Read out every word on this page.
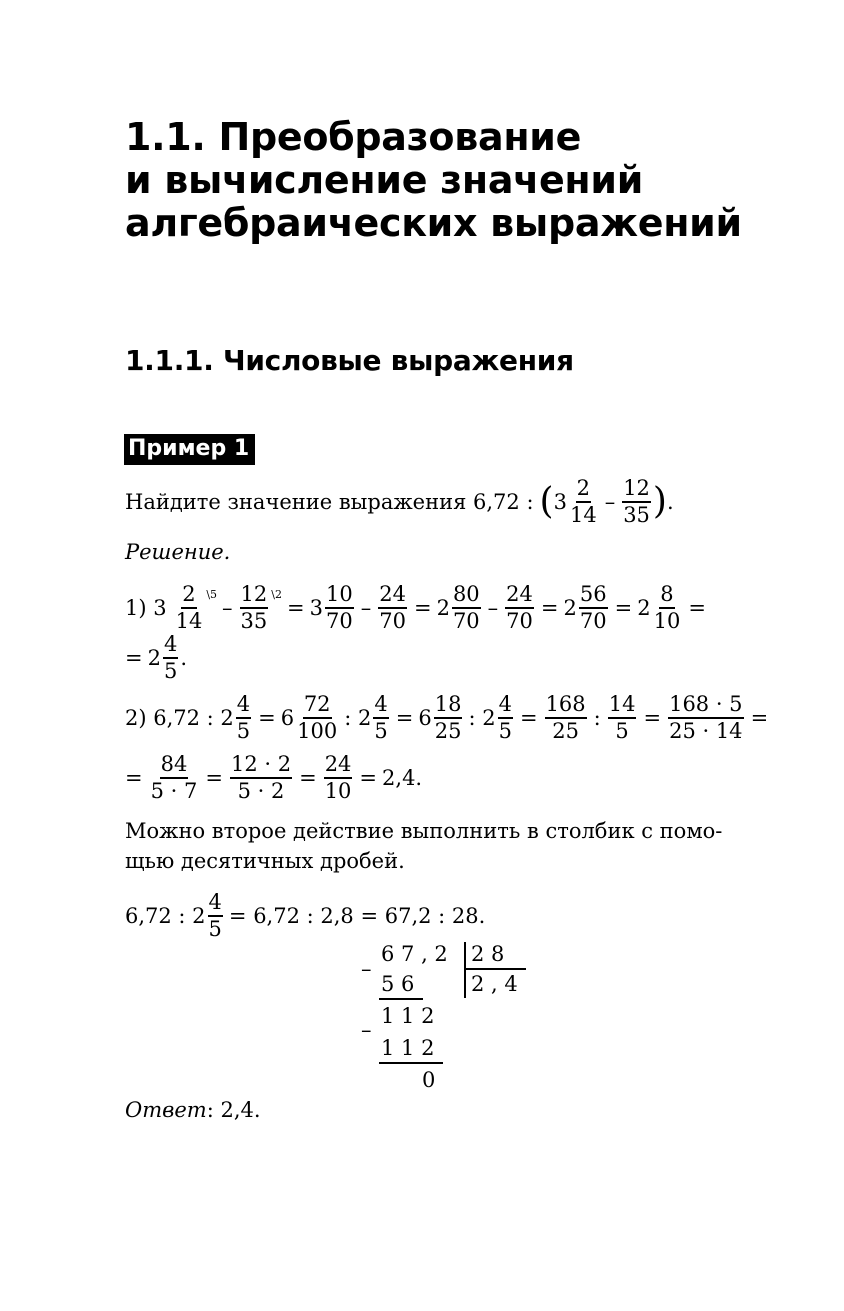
1.1. Преобразование
и вычисление значений
алгебраических выражений
1.1.1. Числовые выражения
Пример 1
Найдите значение выражения 6,72 : ( 3
2
14
–
12
35 ) .
Решение.
1) 3
2
14
\5
–
12
35
\2
= 3
10
70
– $\frac{24}{70} = 2$
80
70
– $\frac{24}{70} = 2 \frac{56}{70} = 2 \frac{8}{10}$ =
= 2
4
5
.
2) 6,72 : $2 \frac{4}{5} = 6$
72
100
: $2 \frac{4}{5} = 6$
18
25
: $2 \frac{4}{5} = \frac{168}{25}$ : $\frac{14}{5} = \frac{168 \cdot 5}{25 \cdot 14}$ =
= $\frac{84}{5 \cdot 7} = \frac{12 \cdot 2}{5 \cdot 2} = \frac{24}{10} = 2,4$.
Можно второе действие выполнить в столбик с помо-
щью десятичных дробей.
6,72 : $2 \frac{4}{5} = 6,72$ : 2,8 = 67,2 : 28.
–
6 7 , 2 2 8
5 6	2 , 4
–
1 1 2
1 1 2
0
Ответ: 2,4.
